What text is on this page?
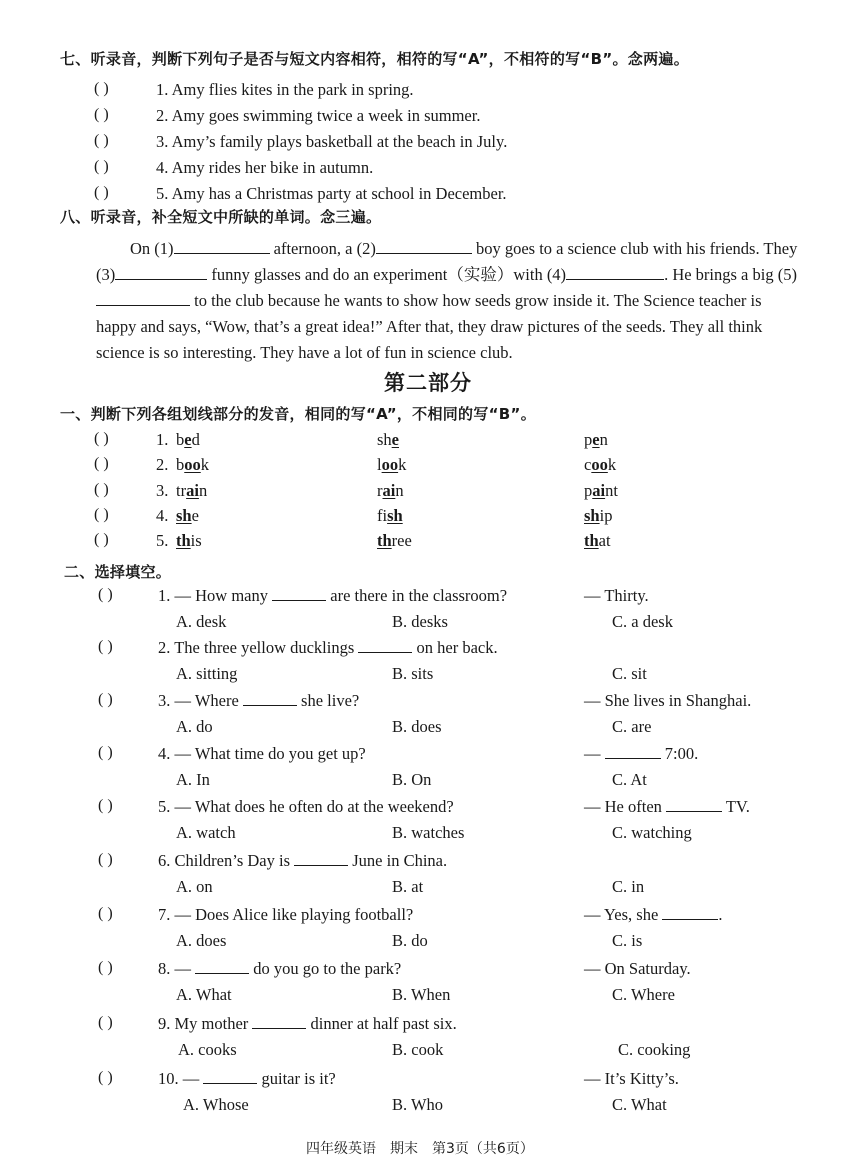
七、听录音，判断下列句子是否与短文内容相符，相符的写“A”，不相符的写“B”。念两遍。
( )	1. Amy flies kites in the park in spring.
( )	2. Amy goes swimming twice a week in summer.
( )	3. Amy’s family plays basketball at the beach in July.
( )	4. Amy rides her bike in autumn.
( )	5. Amy has a Christmas party at school in December.
八、听录音，补全短文中所缺的单词。念三遍。
On (1)	afternoon, a (2)	boy goes to a science club with his friends. They (3)	funny glasses and do an experiment（实验）with (4)	. He brings a big (5) to the club because he wants to show how seeds grow inside it. The Science teacher is happy and says, “Wow, that’s a great idea!” After that, they draw pictures of the seeds. They all think science is so interesting. They have a lot of fun in science club.
第二部分
一、判断下列各组划线部分的发音，相同的写“A”，不相同的写“B”。
( )	1. bed	she	pen
( )	2. book	look	cook
( )	3. train	rain	paint
( )	4. she	fish	ship
( )	5. this	three	that
二、选择填空。
( )	1. — How many	are there in the classroom?	— Thirty.
A. desk	B. desks	C. a desk
( )	2. The three yellow ducklings	on her back.
A. sitting	B. sits	C. sit
( )	3. — Where	she live?	— She lives in Shanghai.
A. do	B. does	C. are
( )	4. — What time do you get up?	—	7:00.
A. In	B. On	C. At
( )	5. — What does he often do at the weekend?	— He often	TV.
A. watch	B. watches	C. watching
( )	6. Children’s Day is	June in China.
A. on	B. at	C. in
( )	7. — Does Alice like playing football?	— Yes, she	.
A. does	B. do	C. is
( )	8. —	do you go to the park?	— On Saturday.
A. What	B. When	C. Where
( )	9. My mother	dinner at half past six.
A. cooks	B. cook	C. cooking
( )	10. —	guitar is it?	— It’s Kitty’s.
A. Whose	B. Who	C. What
四年级英语　期末　第3页（共6页）
